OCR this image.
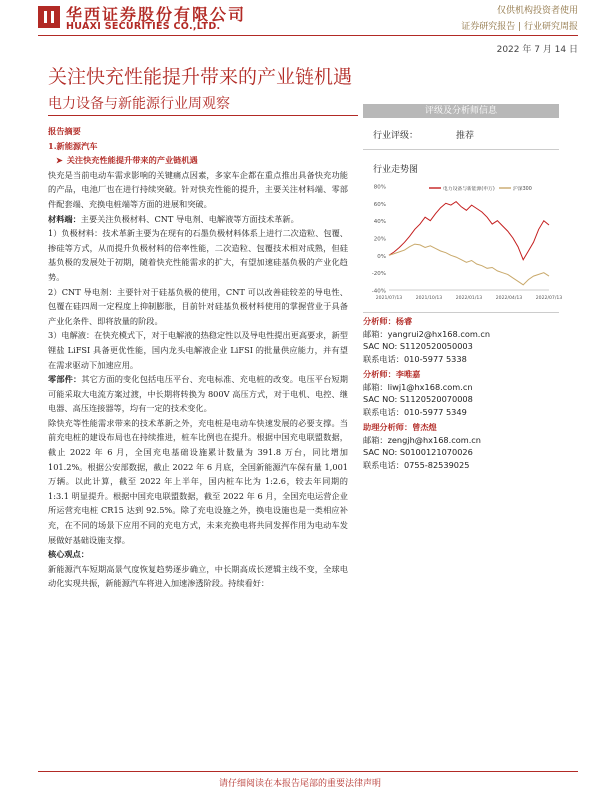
华西证券股份有限公司
HUAXI SECURITIES CO.,LTD.
仅供机构投资者使用
证券研究报告 | 行业研究周报
2022 年 7 月 14 日
关注快充性能提升带来的产业链机遇
电力设备与新能源行业周观察

报告摘要

1.新能源汽车

➤ 关注快充性能提升带来的产业链机遇

快充是当前电动车需求影响的关键痛点因素，多家车企都在重点推出具备快充功能的产品，电池厂也在进行持续突破。针对快充性能的提升，主要关注材料端、零部件配套端、充换电桩端等方面的进展和突破。

材料端：主要关注负极材料、CNT 导电剂、电解液等方面技术革新。

1）负极材料：技术革新主要为在现有的石墨负极材料体系上进行二次造粒、包覆、掺硅等方式，从而提升负极材料的倍率性能，二次造粒、包覆技术相对成熟，但硅基负极的发展处于初期，随着快充性能需求的扩大，有望加速硅基负极的产业化趋势。

2）CNT 导电剂：主要针对于硅基负极的使用，CNT 可以改善硅较差的导电性、包覆在硅四周一定程度上抑制膨胀，目前针对硅基负极材料使用的掌握营业于具备产业化条件、即将放量的阶段。

3）电解液：在快充模式下，对于电解液的热稳定性以及导电性提出更高要求，新型锂盐 LiFSI 具备更优性能，国内龙头电解液企业 LiFSI 的批量供应能力，并有望在需求驱动下加速应用。

零部件：其它方面的变化包括电压平台、充电标准、充电桩的改变。电压平台短期可能采取大电流方案过渡，中长期将转换为 800V 高压方式，对于电机、电控、继电器、高压连接器等，均有一定的技术变化。

除快充等性能需求带来的技术革新之外，充电桩是电动车快速发展的必要支撑。当前充电桩的建设布局也在持续推进，桩车比例也在提升。根据中国充电联盟数据，截止 2022 年 6 月，全国充电基础设施累计数量为 391.8 万台，同比增加 101.2%。根据公安部数据，截止 2022 年 6 月底，全国新能源汽车保有量 1,001 万辆。以此计算，截至 2022 年上半年，国内桩车比为 1:2.6，较去年同期的 1:3.1 明显提升。根据中国充电联盟数据，截至 2022 年 6 月，全国充电运营企业所运营充电桩 CR15 达到 92.5%。除了充电设施之外，换电设施也是一类相应补充，在不同的场景下应用不同的充电方式，未来充换电将共同发挥作用为电动车发展做好基础设施支撑。

核心观点：

新能源汽车短期高景气度恢复趋势逐步确立，中长期高成长逻辑主线不变，全球电动化实现共振，新能源汽车将进入加速渗透阶段。持续看好：

评级及分析师信息
行业评级：	推荐
行业走势图
80%
60%
40%
20%
0%
-20%
-40%
2021/07/13	2021/10/13	2022/01/13	2022/04/13	2022/07/13
电力设备与新能源(申万)	沪深300
分析师：杨睿
邮箱：yangrui2@hx168.com.cn
SAC NO: S1120520050003
联系电话：010-5977 5338
分析师：李唯嘉
邮箱：liwj1@hx168.com.cn
SAC NO: S1120520070008
联系电话：010-5977 5349
助理分析师：曾杰煌
邮箱：zengjh@hx168.com.cn
SAC NO: S0100121070026
联系电话：0755-82539025
请仔细阅读在本报告尾部的重要法律声明
